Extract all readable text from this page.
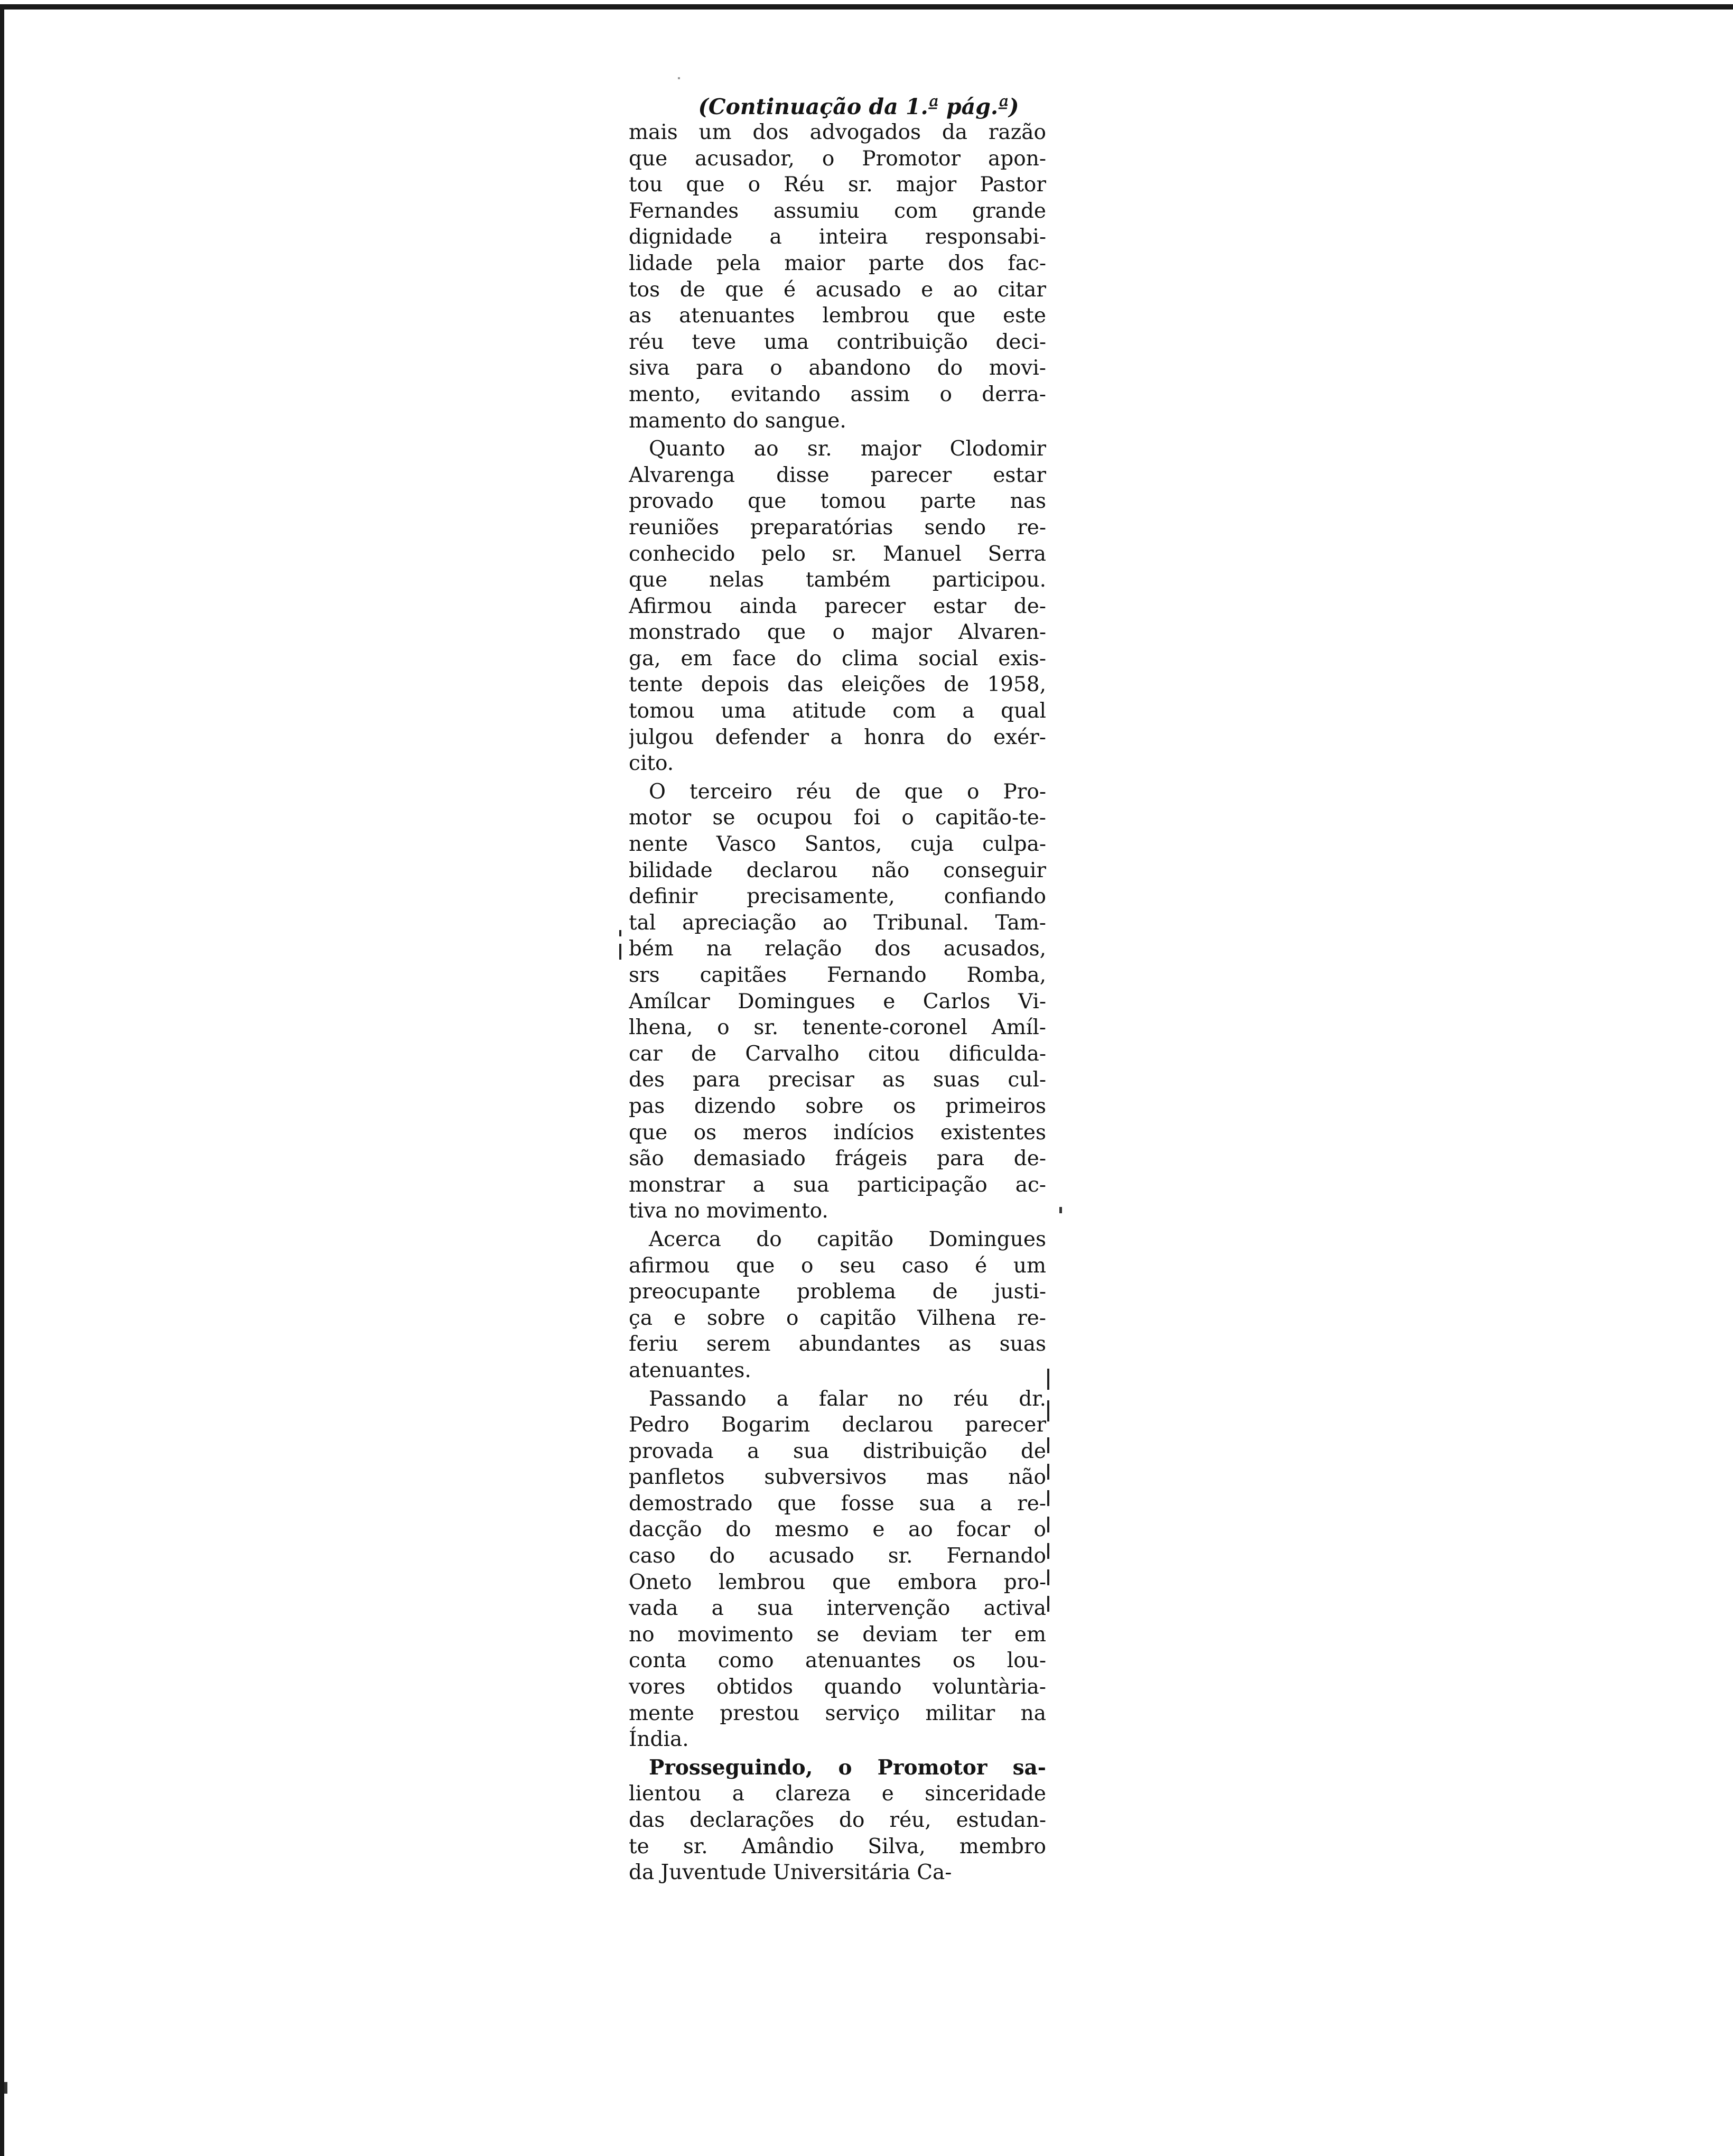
(Continuação da 1.ª pág.ª)
mais um dos advogados da razão
que acusador, o Promotor apon-
tou que o Réu sr. major Pastor
Fernandes assumiu com grande
dignidade a inteira responsabi-
lidade pela maior parte dos fac-
tos de que é acusado e ao citar
as atenuantes lembrou que este
réu teve uma contribuição deci-
siva para o abandono do movi-
mento, evitando assim o derra-
mamento do sangue.
Quanto ao sr. major Clodomir
Alvarenga disse parecer estar
provado que tomou parte nas
reuniões preparatórias sendo re-
conhecido pelo sr. Manuel Serra
que nelas também participou.
Afirmou ainda parecer estar de-
monstrado que o major Alvaren-
ga, em face do clima social exis-
tente depois das eleições de 1958,
tomou uma atitude com a qual
julgou defender a honra do exér-
cito.
O terceiro réu de que o Pro-
motor se ocupou foi o capitão-te-
nente Vasco Santos, cuja culpa-
bilidade declarou não conseguir
definir precisamente, confiando
tal apreciação ao Tribunal. Tam-
bém na relação dos acusados,
srs capitães Fernando Romba,
Amílcar Domingues e Carlos Vi-
lhena, o sr. tenente-coronel Amíl-
car de Carvalho citou dificulda-
des para precisar as suas cul-
pas dizendo sobre os primeiros
que os meros indícios existentes
são demasiado frágeis para de-
monstrar a sua participação ac-
tiva no movimento.
Acerca do capitão Domingues
afirmou que o seu caso é um
preocupante problema de justi-
ça e sobre o capitão Vilhena re-
feriu serem abundantes as suas
atenuantes.
Passando a falar no réu dr.
Pedro Bogarim declarou parecer
provada a sua distribuição de
panfletos subversivos mas não
demostrado que fosse sua a re-
dacção do mesmo e ao focar o
caso do acusado sr. Fernando
Oneto lembrou que embora pro-
vada a sua intervenção activa
no movimento se deviam ter em
conta como atenuantes os lou-
vores obtidos quando voluntària-
mente prestou serviço militar na
Índia.
Prosseguindo, o Promotor sa-
lientou a clareza e sinceridade
das declarações do réu, estudan-
te sr. Amândio Silva, membro
da Juventude Universitária Ca-
